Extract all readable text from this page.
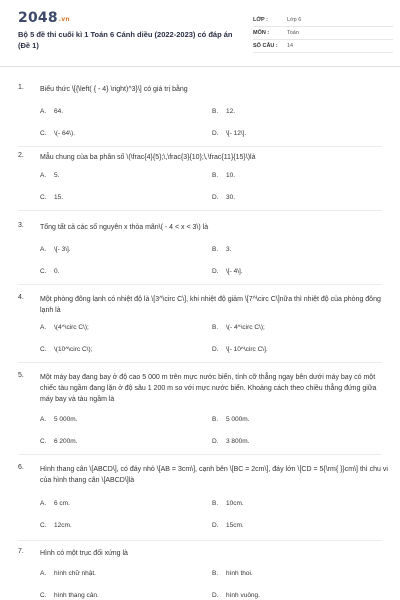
2048.vn
Bộ 5 đề thi cuối kì 1 Toán 6 Cánh diều (2022-2023) có đáp án (Đề 1)
LỚP :	Lớp 6
MÔN :	Toán
SỐ CÂU :	14
1.	Biểu thức \[{\left( { - 4} \right)^3}\] có giá trị bằng
A.	64.	B.	12.
C.	\(- 64\).	D.	\[- 12\].
2.	Mẫu chung của ba phân số \(\frac{4}{5};\,\frac{3}{10};\,\frac{11}{15}\)là
A.	5.	B.	10.
C.	15.	D.	30.
3.	Tổng tất cả các số nguyên x thỏa mãn\( - 4 < x < 3\) là
A.	\[- 3\].	B.	3.
C.	0.	D.	\[- 4\].
4.	Một phòng đông lạnh có nhiệt độ là \[3^\circ C\], khi nhiệt độ giảm \[7^\circ C\]nữa thì nhiệt độ của phòng đông lạnh là
A.	\(4^\circ C\);	B.	\(- 4^\circ C\);
C.	\(10^\circ C\);	D.	\[- 10^\circ C\].
5.	Một máy bay đang bay ở độ cao 5 000 m trên mực nước biển, tính cỡ thẳng ngay bên dưới máy bay có một chiếc tàu ngầm đang lặn ở độ sâu 1 200 m so với mực nước biển. Khoảng cách theo chiều thẳng đứng giữa máy bay và tàu ngầm là
A.	5 000m.	B.	5 000m.
C.	6 200m.	D.	3 800m.
6.	Hình thang cân \[ABCD\], có đáy nhỏ \[AB = 3cm\], cạnh bên \[BC = 2cm\], đáy lớn \[CD = 5{\rm{ }}cm\] thì chu vi của hình thang cân \[ABCD\]là
A.	6 cm.	B.	10cm.
C.	12cm.	D.	15cm.
7.	Hình có một trục đối xứng là
A.	hình chữ nhật.	B.	hình thoi.
C.	hình thang cân.	D.	hình vuông.
